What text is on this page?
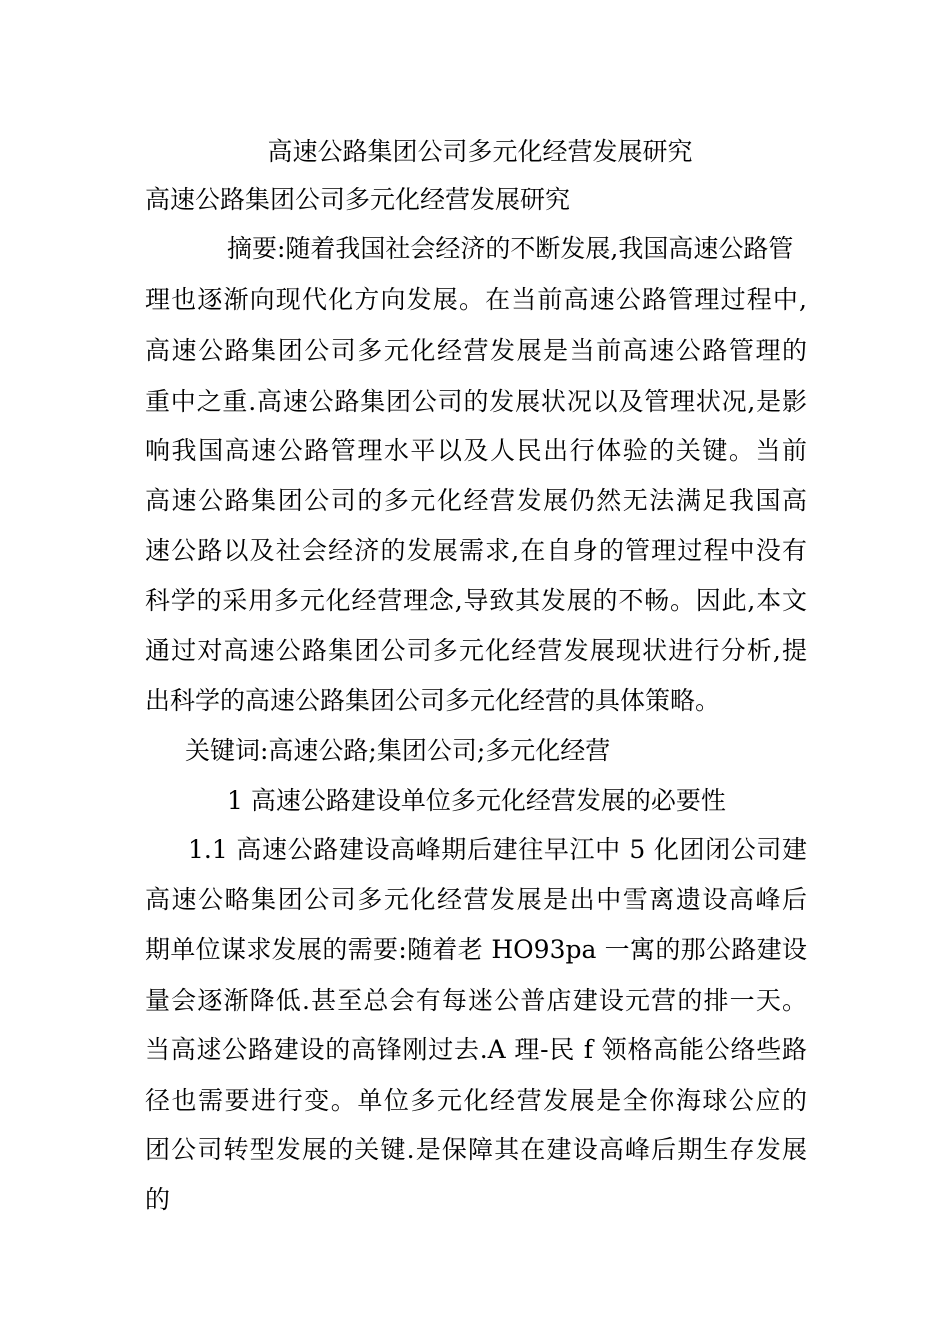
高速公路集团公司多元化经营发展研究
高速公路集团公司多元化经营发展研究
摘要:随着我国社会经济的不断发展,我国高速公路管
理也逐渐向现代化方向发展。在当前高速公路管理过程中,
高速公路集团公司多元化经营发展是当前高速公路管理的
重中之重.高速公路集团公司的发展状况以及管理状况,是影
响我国高速公路管理水平以及人民出行体验的关键。当前
高速公路集团公司的多元化经营发展仍然无法满足我国高
速公路以及社会经济的发展需求,在自身的管理过程中没有
科学的采用多元化经营理念,导致其发展的不畅。因此,本文
通过对高速公路集团公司多元化经营发展现状进行分析,提
出科学的高速公路集团公司多元化经营的具体策略。
关键词:高速公路;集团公司;多元化经营
1 高速公路建设单位多元化经营发展的必要性
1.1 高速公路建设高峰期后建往早江中 5 化团闭公司建
高速公略集团公司多元化经营发展是出中雪离遗设高峰后
期单位谋求发展的需要:随着老 HO93pa 一寓的那公路建设
量会逐渐降低.甚至总会有每迷公普店建设元营的排一天。
当高逑公路建设的高锋刚过去.A 理-民 f 领格高能公络些路
径也需要进行变。单位多元化经营发展是全你海球公应的
团公司转型发展的关键.是保障其在建设高峰后期生存发展
的
